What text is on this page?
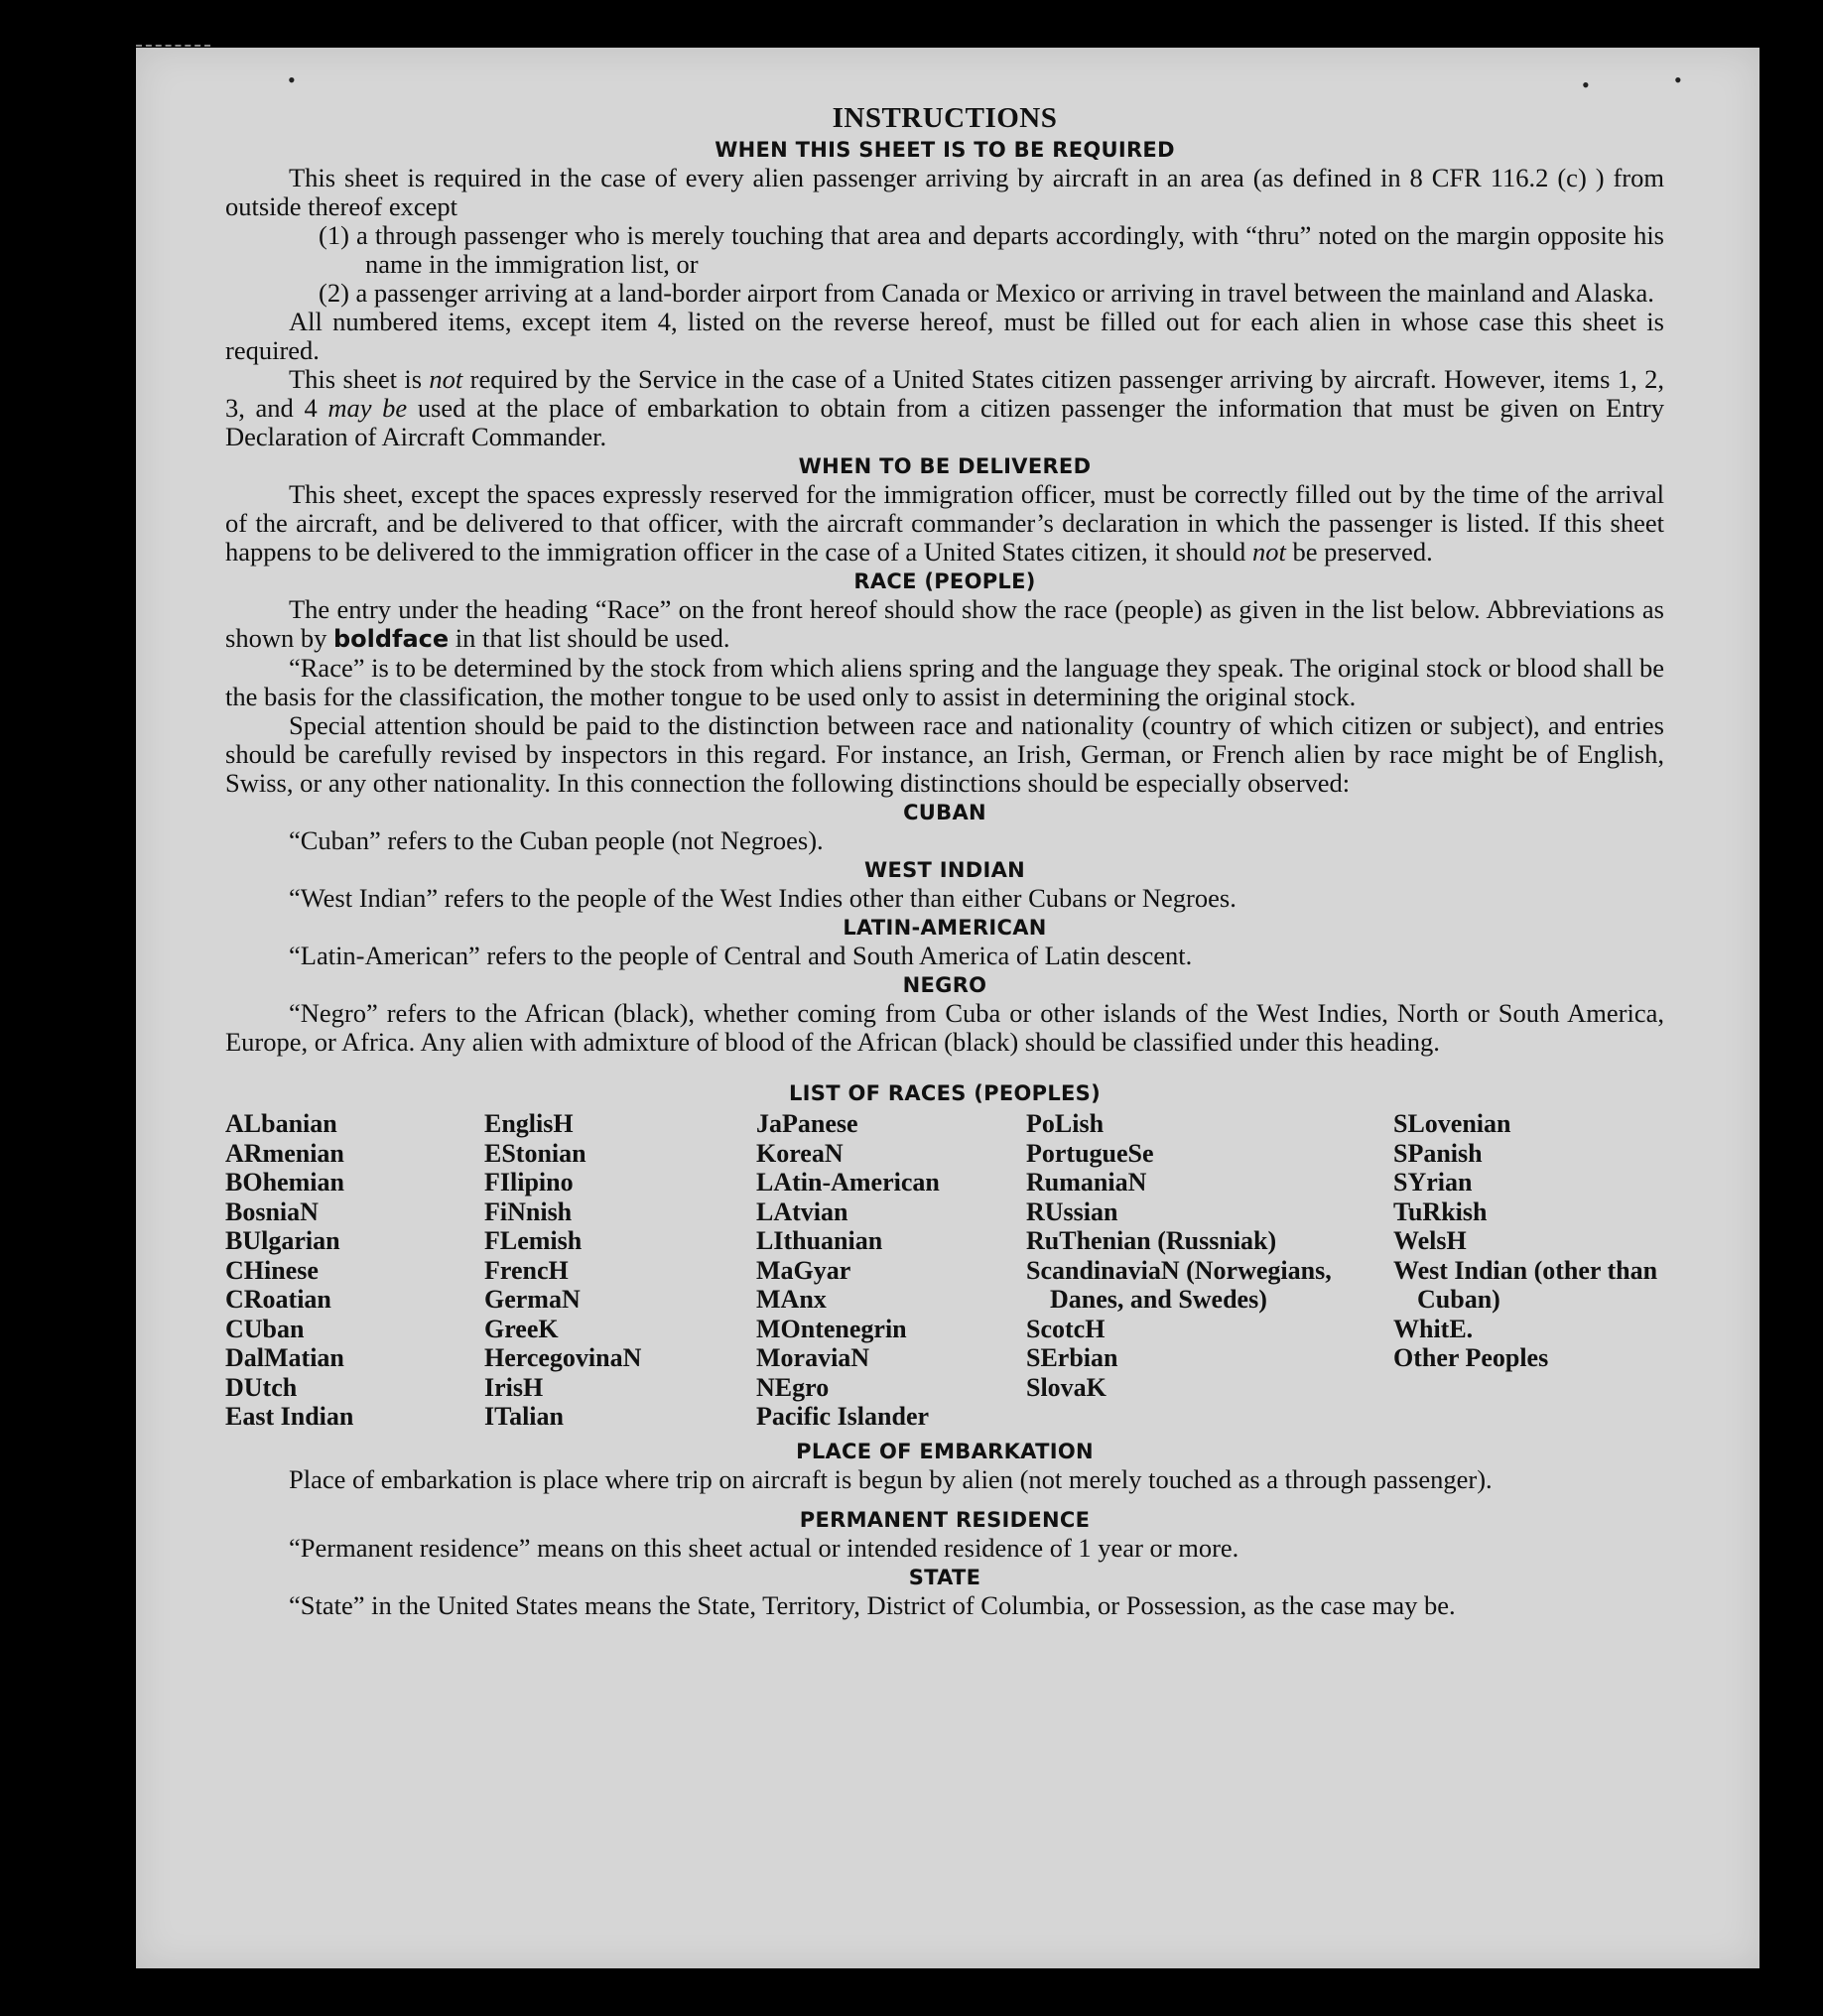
•	•	•
INSTRUCTIONS
WHEN THIS SHEET IS TO BE REQUIRED

This sheet is required in the case of every alien passenger arriving by aircraft in an area (as defined in 8 CFR 116.2 (c) ) from outside thereof except

(1) a through passenger who is merely touching that area and departs accordingly, with “thru” noted on the margin opposite his name in the immigration list, or

(2) a passenger arriving at a land-border airport from Canada or Mexico or arriving in travel between the mainland and Alaska.

All numbered items, except item 4, listed on the reverse hereof, must be filled out for each alien in whose case this sheet is required.

This sheet is not required by the Service in the case of a United States citizen passenger arriving by aircraft. However, items 1, 2, 3, and 4 may be used at the place of embarkation to obtain from a citizen passenger the information that must be given on Entry Declaration of Aircraft Commander.

WHEN TO BE DELIVERED

This sheet, except the spaces expressly reserved for the immigration officer, must be correctly filled out by the time of the arrival of the aircraft, and be delivered to that officer, with the aircraft commander’s declaration in which the passenger is listed. If this sheet happens to be delivered to the immigration officer in the case of a United States citizen, it should not be preserved.

RACE (PEOPLE)

The entry under the heading “Race” on the front hereof should show the race (people) as given in the list below. Abbreviations as shown by boldface in that list should be used.

“Race” is to be determined by the stock from which aliens spring and the language they speak. The original stock or blood shall be the basis for the classification, the mother tongue to be used only to assist in determining the original stock.

Special attention should be paid to the distinction between race and nationality (country of which citizen or subject), and entries should be carefully revised by inspectors in this regard. For instance, an Irish, German, or French alien by race might be of English, Swiss, or any other nationality. In this connection the following distinctions should be especially observed:

CUBAN

“Cuban” refers to the Cuban people (not Negroes).

WEST INDIAN

“West Indian” refers to the people of the West Indies other than either Cubans or Negroes.

LATIN-AMERICAN

“Latin-American” refers to the people of Central and South America of Latin descent.

NEGRO

“Negro” refers to the African (black), whether coming from Cuba or other islands of the West Indies, North or South America, Europe, or Africa. Any alien with admixture of blood of the African (black) should be classified under this heading.

LIST OF RACES (PEOPLES)
ALbanian
ARmenian
BOhemian
BosniaN
BUlgarian
CHinese
CRoatian
CUban
DalMatian
DUtch
East Indian
EnglisH
EStonian
FIlipino
FiNnish
FLemish
FrencH
GermaN
GreeK
HercegovinaN
IrisH
ITalian
JaPanese
KoreaN
LAtin-American
LAtvian
LIthuanian
MaGyar
MAnx
MOntenegrin
MoraviaN
NEgro
Pacific Islander
PoLish
PortugueSe
RumaniaN
RUssian
RuThenian (Russniak)
ScandinaviaN (Norwegians, Danes, and Swedes)
ScotcH
SErbian
SlovaK
SLovenian
SPanish
SYrian
TuRkish
WelsH
West Indian (other than Cuban)
WhitE.
Other Peoples
PLACE OF EMBARKATION

Place of embarkation is place where trip on aircraft is begun by alien (not merely touched as a through passenger).

PERMANENT RESIDENCE

“Permanent residence” means on this sheet actual or intended residence of 1 year or more.

STATE

“State” in the United States means the State, Territory, District of Columbia, or Possession, as the case may be.
